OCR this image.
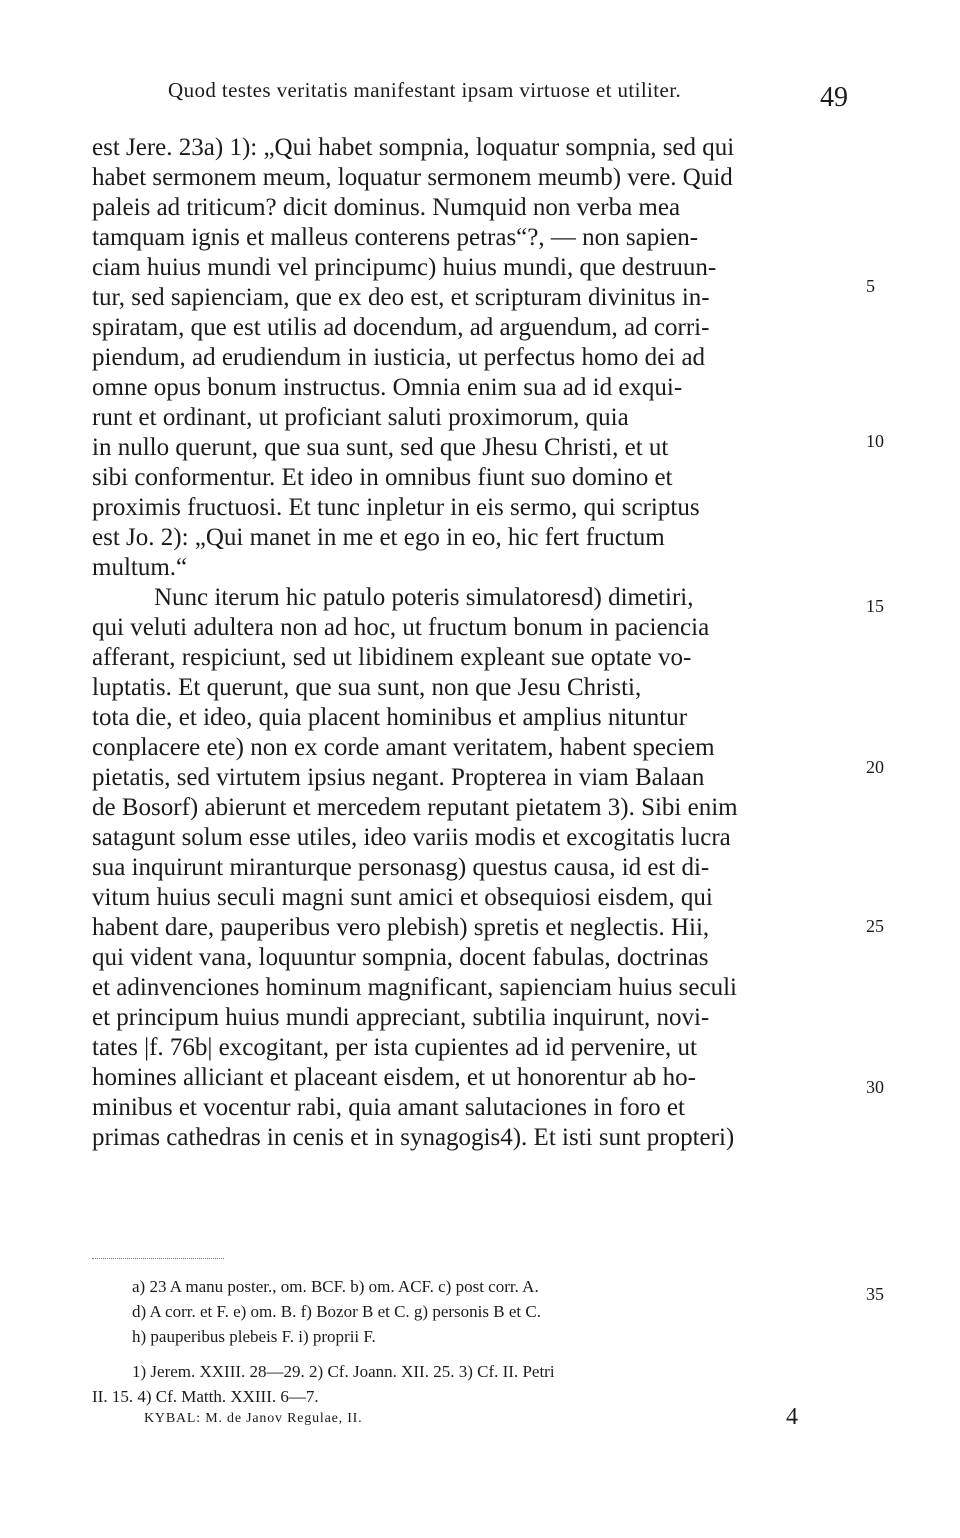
Quod testes veritatis manifestant ipsam virtuose et utiliter.	49
est Jere. 23a) 1): „Qui habet sompnia, loquatur sompnia, sed qui
habet sermonem meum, loquatur sermonem meumb) vere. Quid
paleis ad triticum? dicit dominus. Numquid non verba mea
tamquam ignis et malleus conterens petras“?, — non sapien-
ciam huius mundi vel principumc) huius mundi, que destruun-
tur, sed sapienciam, que ex deo est, et scripturam divinitus in-
spiratam, que est utilis ad docendum, ad arguendum, ad corri-
piendum, ad erudiendum in iusticia, ut perfectus homo dei ad
omne opus bonum instructus. Omnia enim sua ad id exqui-
runt et ordinant, ut proficiant saluti proximorum, quia
in nullo querunt, que sua sunt, sed que Jhesu Christi, et ut
sibi conformentur. Et ideo in omnibus fiunt suo domino et
proximis fructuosi. Et tunc inpletur in eis sermo, qui scriptus
est Jo. 2): „Qui manet in me et ego in eo, hic fert fructum
multum.“
Nunc iterum hic patulo poteris simulatoresd) dimetiri,
qui veluti adultera non ad hoc, ut fructum bonum in paciencia
afferant, respiciunt, sed ut libidinem expleant sue optate vo-
luptatis. Et querunt, que sua sunt, non que Jesu Christi,
tota die, et ideo, quia placent hominibus et amplius nituntur
conplacere ete) non ex corde amant veritatem, habent speciem
pietatis, sed virtutem ipsius negant. Propterea in viam Balaan
de Bosorf) abierunt et mercedem reputant pietatem 3). Sibi enim
satagunt solum esse utiles, ideo variis modis et excogitatis lucra
sua inquirunt miranturque personasg) questus causa, id est di-
vitum huius seculi magni sunt amici et obsequiosi eisdem, qui
habent dare, pauperibus vero plebish) spretis et neglectis. Hii,
qui vident vana, loquuntur sompnia, docent fabulas, doctrinas
et adinvenciones hominum magnificant, sapienciam huius seculi
et principum huius mundi appreciant, subtilia inquirunt, novi-
tates |f. 76b| excogitant, per ista cupientes ad id pervenire, ut
homines alliciant et placeant eisdem, et ut honorentur ab ho-
minibus et vocentur rabi, quia amant salutaciones in foro et
primas cathedras in cenis et in synagogis4). Et isti sunt propteri)
5
10
15
20
25
30
35
a) 23 A manu poster., om. BCF. b) om. ACF. c) post corr. A.
d) A corr. et F. e) om. B. f) Bozor B et C. g) personis B et C.
h) pauperibus plebeis F. i) proprii F.
1) Jerem. XXIII. 28—29. 2) Cf. Joann. XII. 25. 3) Cf. II. Petri
II. 15. 4) Cf. Matth. XXIII. 6—7.
KYBAL: M. de Janov Regulae, II.	4
